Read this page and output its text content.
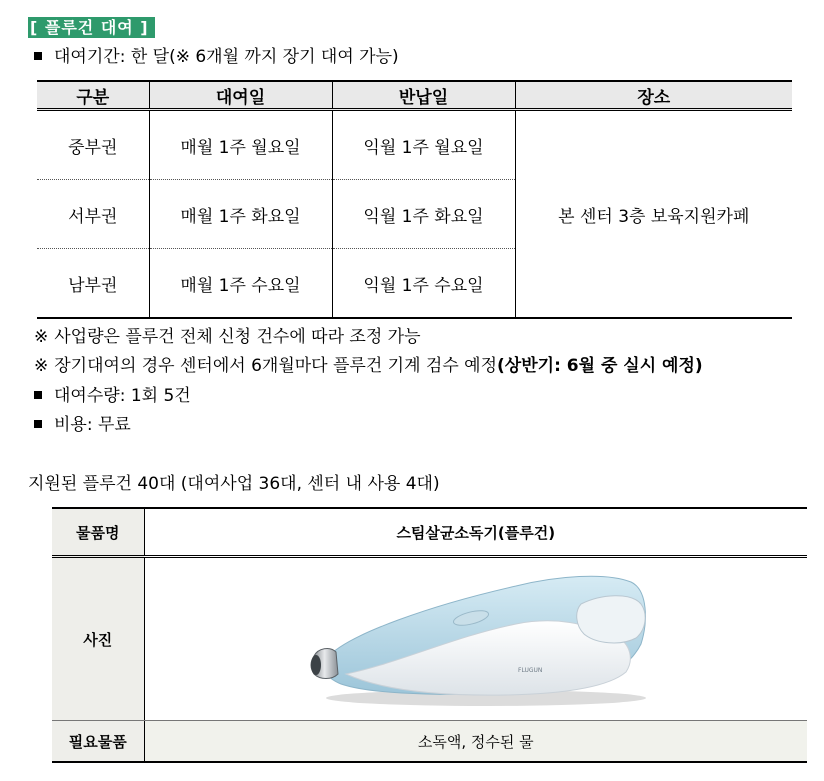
[ 플루건 대여 ]
대여기간: 한 달(※ 6개월 까지 장기 대여 가능)
구분	대여일	반납일	장소
중부권	매월 1주 월요일	익월 1주 월요일	본 센터 3층 보육지원카페
서부권	매월 1주 화요일	익월 1주 화요일	
남부권	매월 1주 수요일	익월 1주 수요일	
※ 사업량은 플루건 전체 신청 건수에 따라 조정 가능
※ 장기대여의 경우 센터에서 6개월마다 플루건 기계 검수 예정(상반기: 6월 중 실시 예정)
대여수량: 1회 5건
비용: 무료

지원된 플루건 40대 (대여사업 36대, 센터 내 사용 4대)
물품명	스팀살균소독기(플루건)
사진	FLUGUN

필요물품	소독액, 정수된 물
